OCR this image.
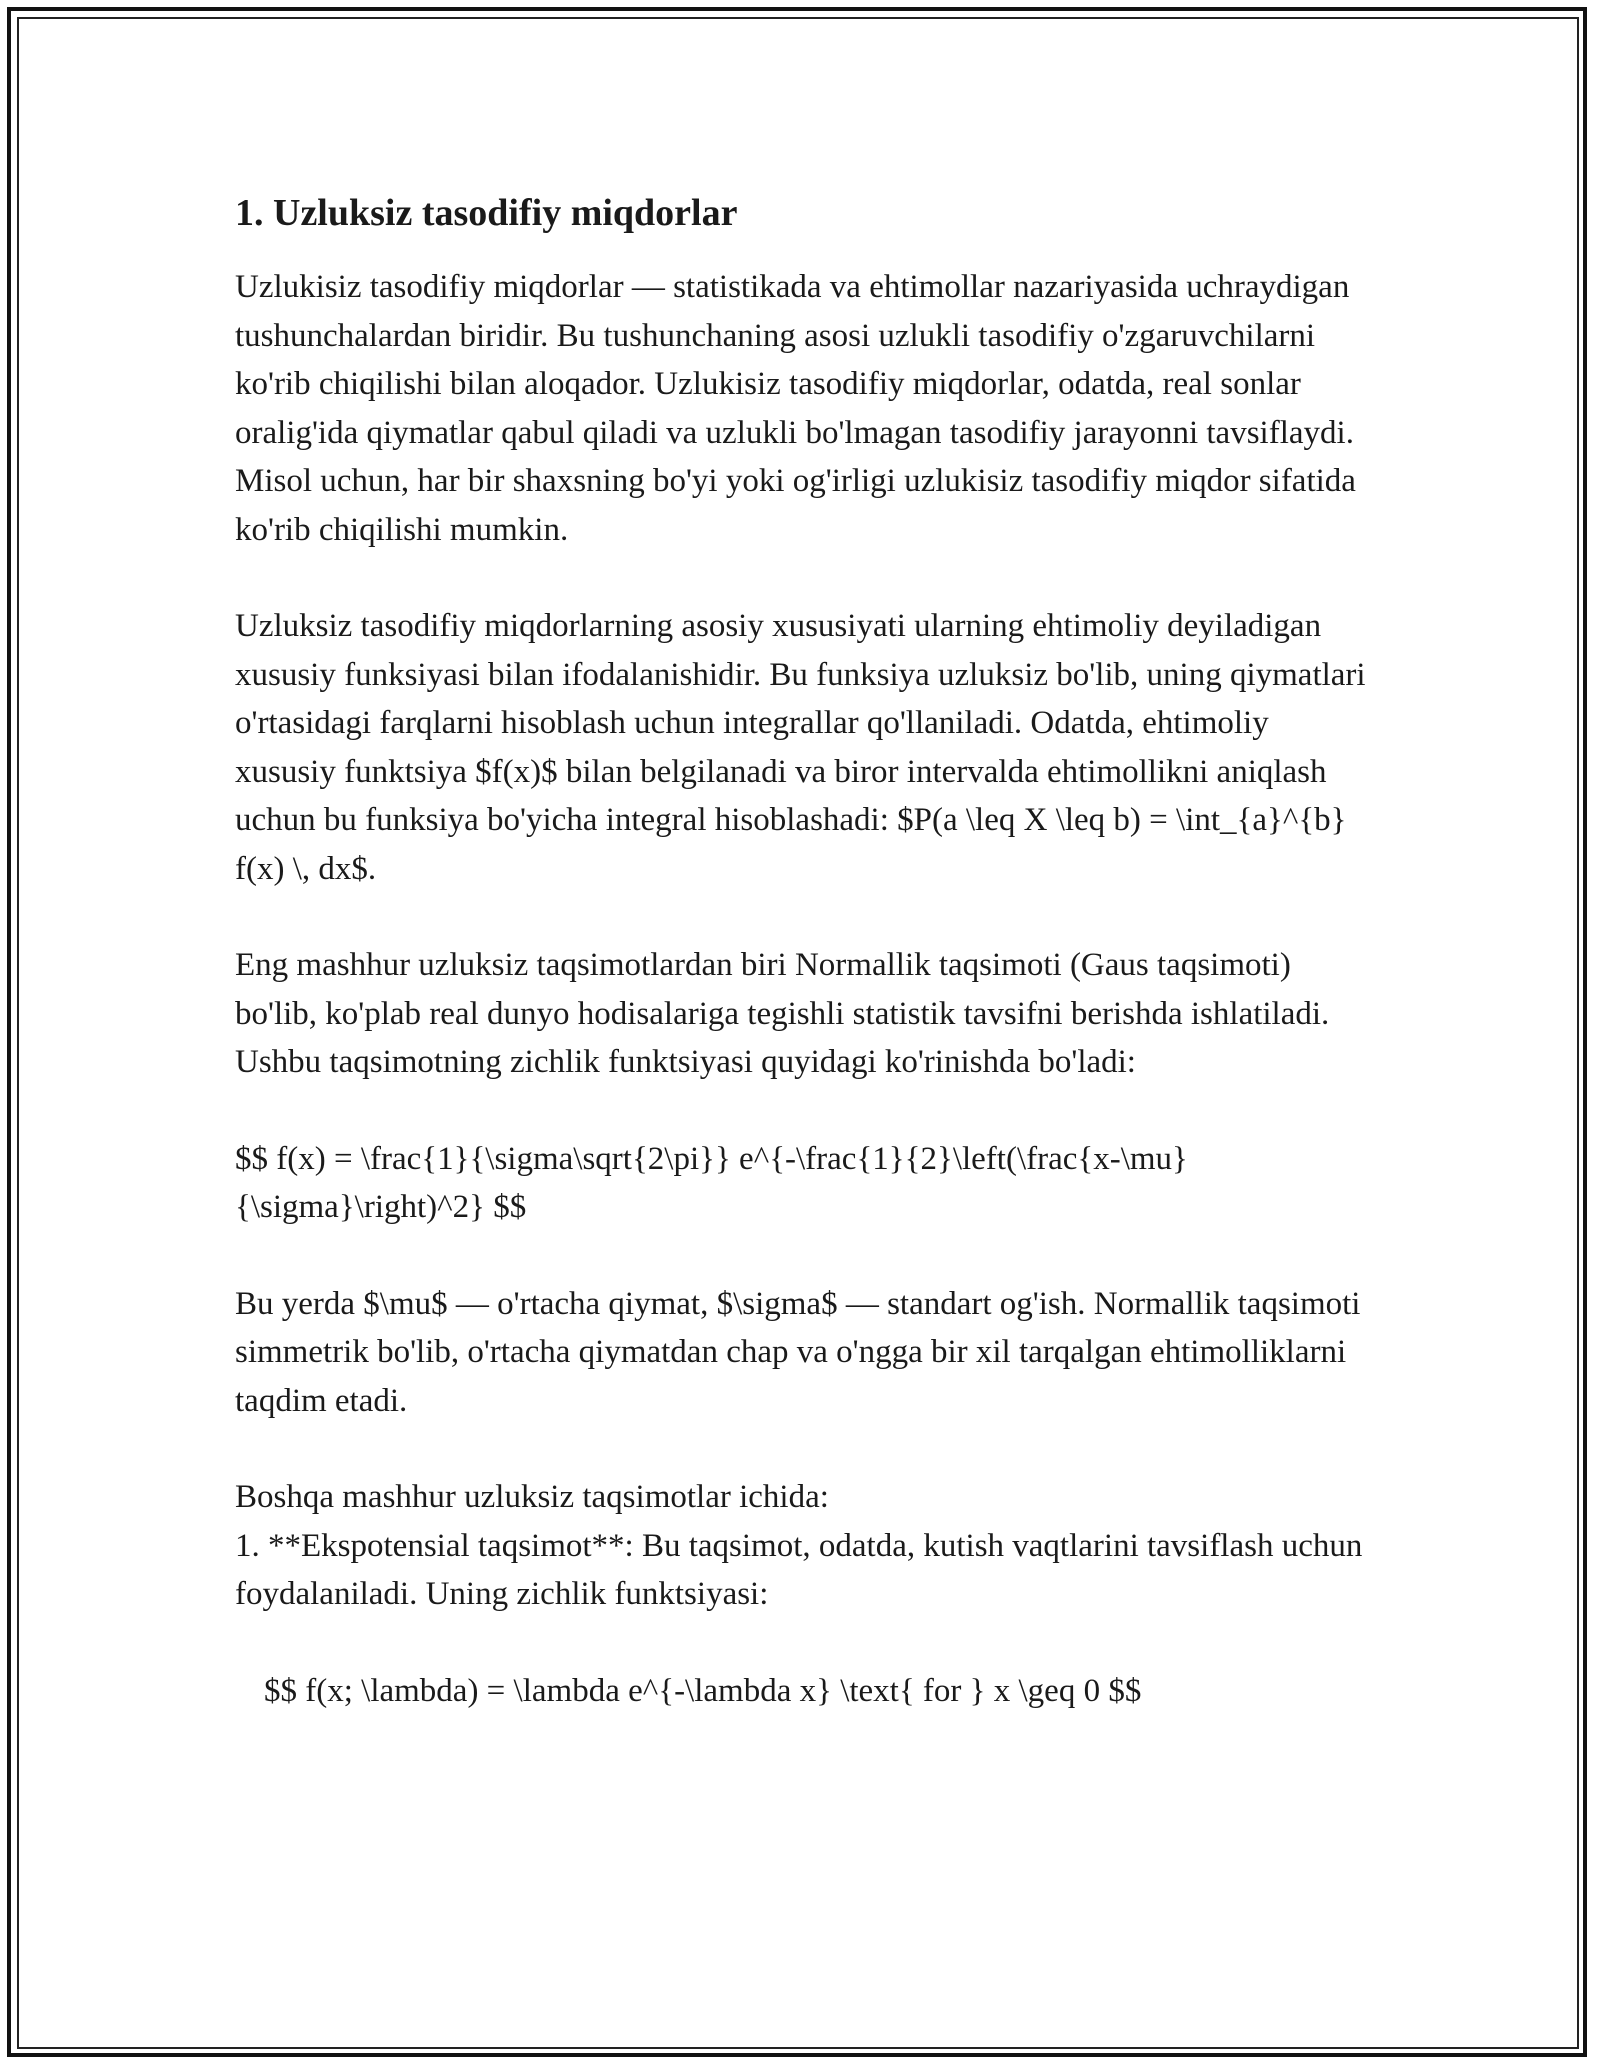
1. Uzluksiz tasodifiy miqdorlar

Uzlukisiz tasodifiy miqdorlar — statistikada va ehtimollar nazariyasida uchraydigan tushunchalardan biridir. Bu tushunchaning asosi uzlukli tasodifiy o'zgaruvchilarni ko'rib chiqilishi bilan aloqador. Uzlukisiz tasodifiy miqdorlar, odatda, real sonlar oralig'ida qiymatlar qabul qiladi va uzlukli bo'lmagan tasodifiy jarayonni tavsiflaydi. Misol uchun, har bir shaxsning bo'yi yoki og'irligi uzlukisiz tasodifiy miqdor sifatida ko'rib chiqilishi mumkin.

Uzluksiz tasodifiy miqdorlarning asosiy xususiyati ularning ehtimoliy deyiladigan xususiy funksiyasi bilan ifodalanishidir. Bu funksiya uzluksiz bo'lib, uning qiymatlari o'rtasidagi farqlarni hisoblash uchun integrallar qo'llaniladi. Odatda, ehtimoliy xususiy funktsiya $f(x)$ bilan belgilanadi va biror intervalda ehtimollikni aniqlash uchun bu funksiya bo'yicha integral hisoblashadi: $P(a \leq X \leq b) = \int_{a}^{b} f(x) \, dx$.

Eng mashhur uzluksiz taqsimotlardan biri Normallik taqsimoti (Gaus taqsimoti) bo'lib, ko'plab real dunyo hodisalariga tegishli statistik tavsifni berishda ishlatiladi. Ushbu taqsimotning zichlik funktsiyasi quyidagi ko'rinishda bo'ladi:

$$ f(x) = \frac{1}{\sigma\sqrt{2\pi}} e^{-\frac{1}{2}\left(\frac{x-\mu}{\sigma}\right)^2} $$

Bu yerda $\mu$ — o'rtacha qiymat, $\sigma$ — standart og'ish. Normallik taqsimoti simmetrik bo'lib, o'rtacha qiymatdan chap va o'ngga bir xil tarqalgan ehtimolliklarni taqdim etadi.

Boshqa mashhur uzluksiz taqsimotlar ichida:

1. **Ekspotensial taqsimot**: Bu taqsimot, odatda, kutish vaqtlarini tavsiflash uchun foydalaniladi. Uning zichlik funktsiyasi:

$$ f(x; \lambda) = \lambda e^{-\lambda x} \text{ for } x \geq 0 $$
